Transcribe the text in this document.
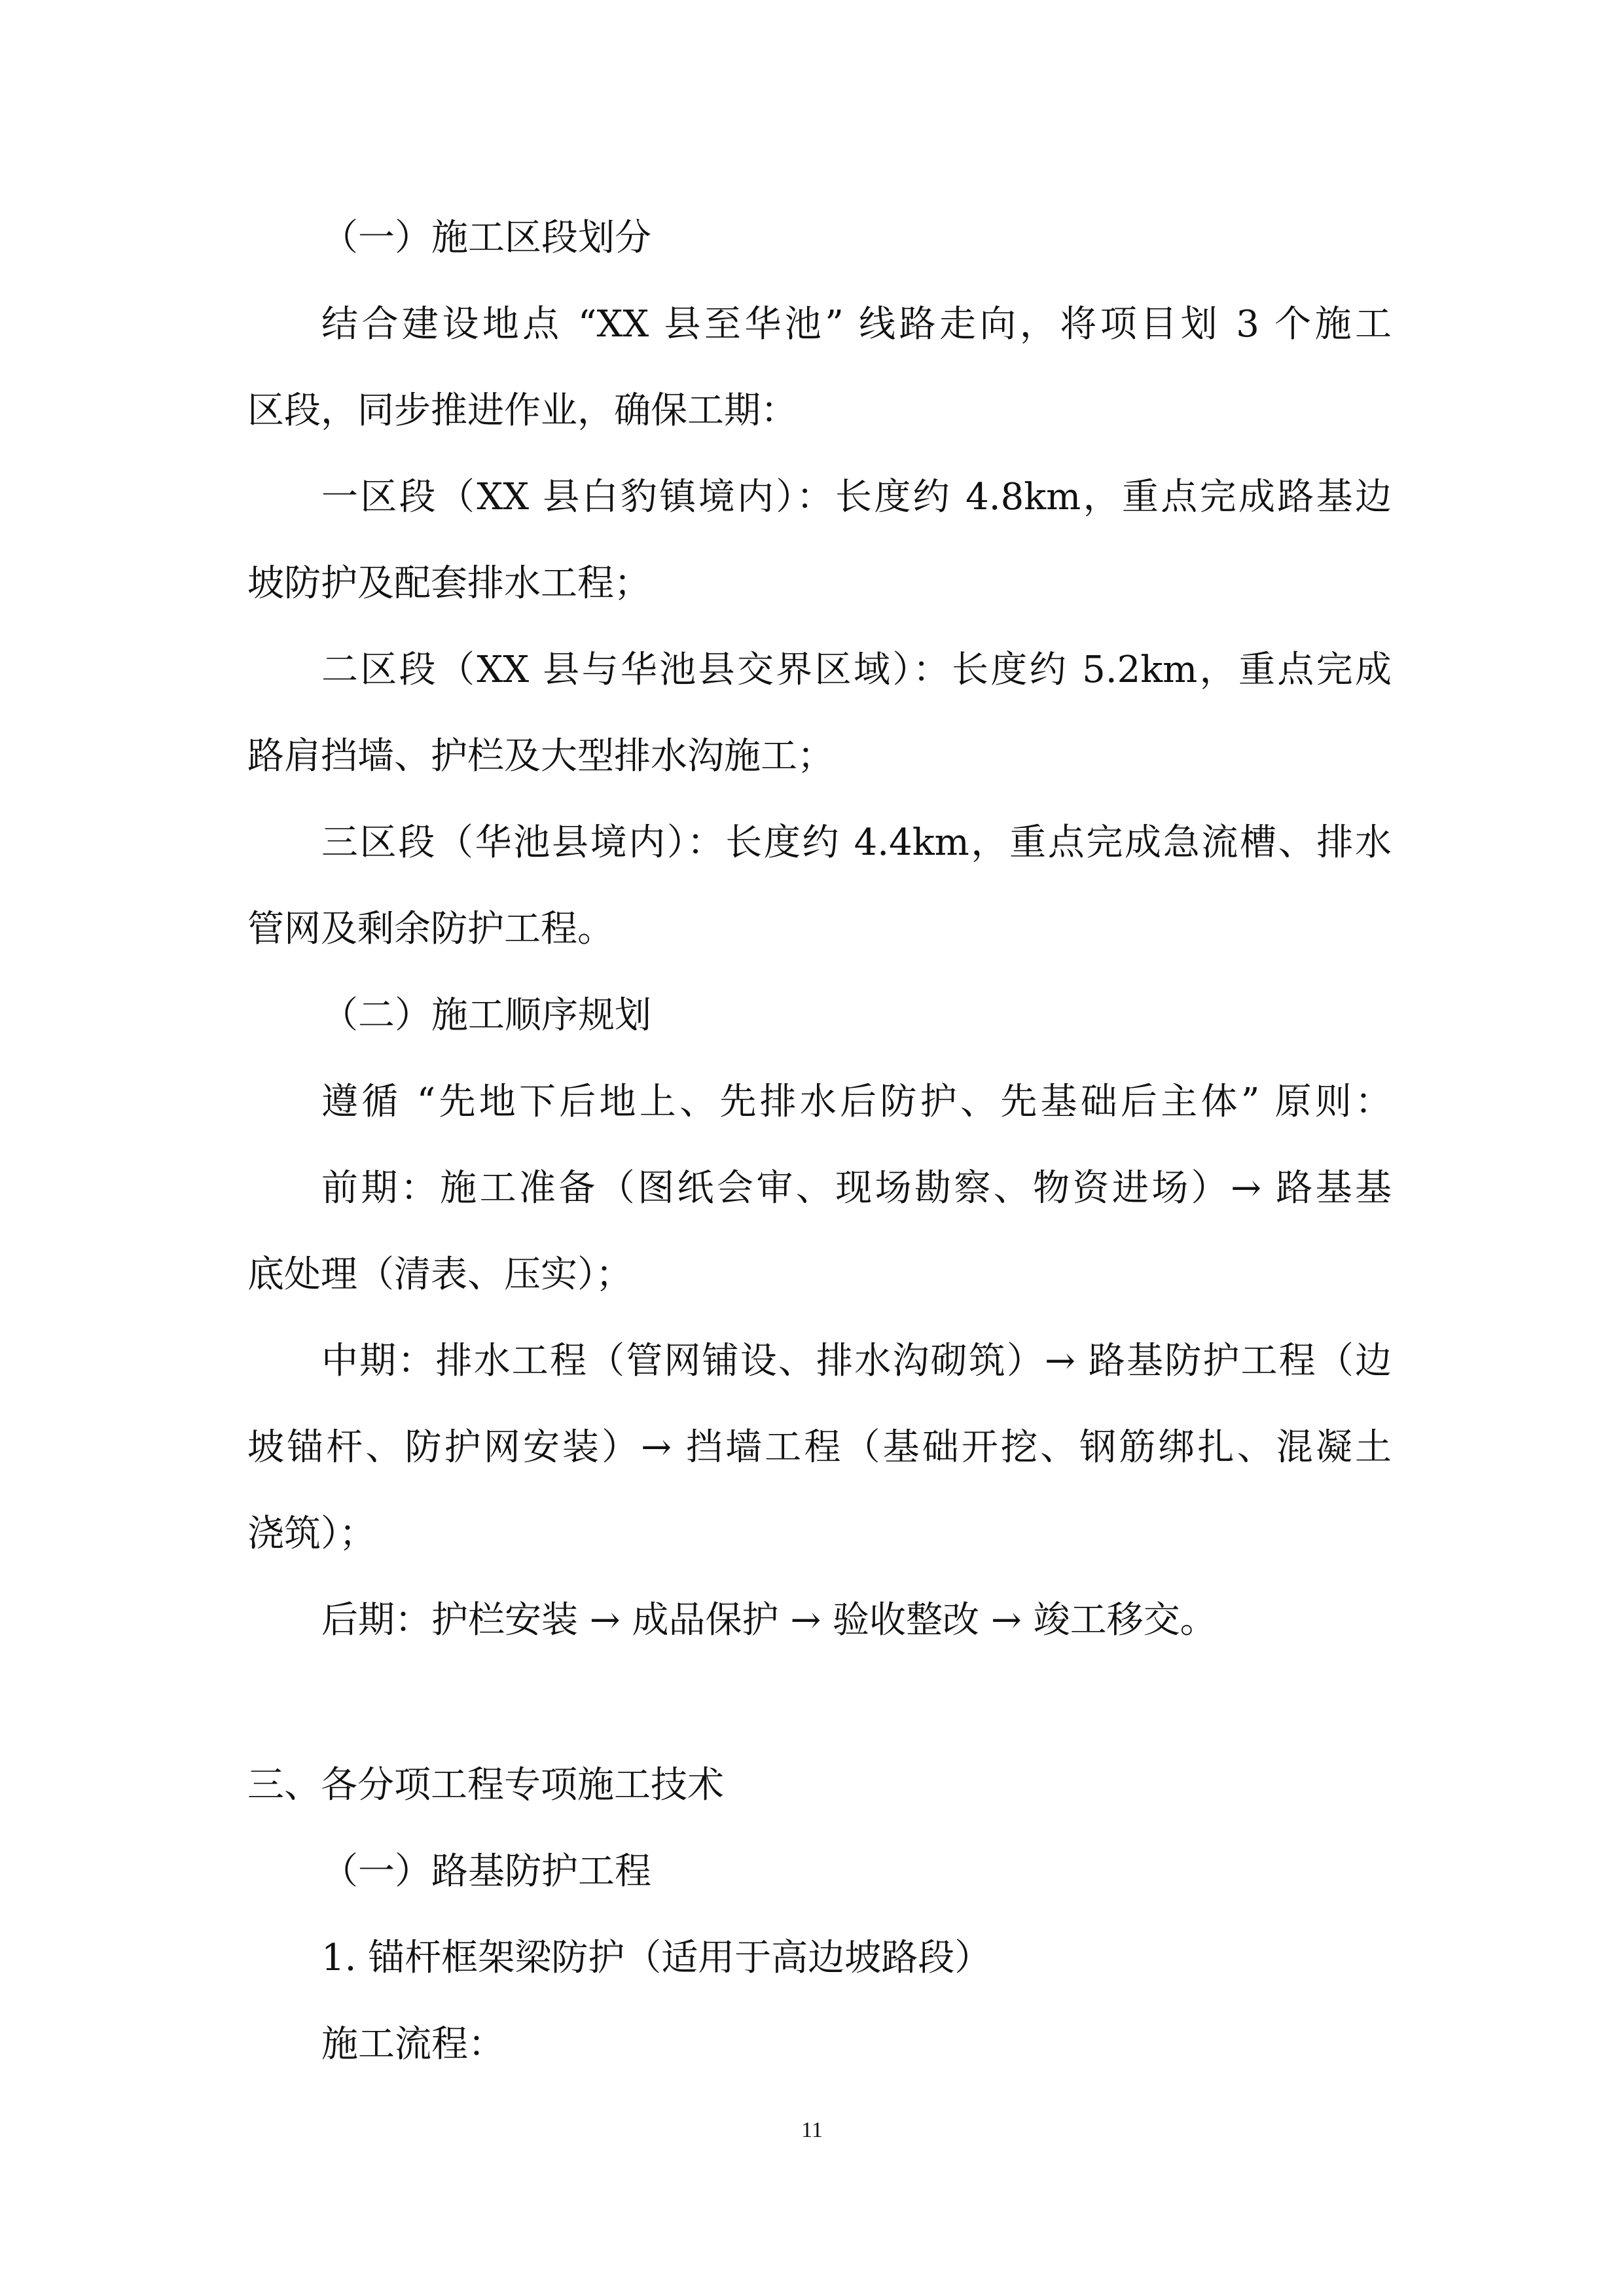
（一）施工区段划分
结合建设地点 “XX 县至华池” 线路走向，将项目划 3 个施工
区段，同步推进作业，确保工期：
一区段（XX 县白豹镇境内）：长度约 4.8km，重点完成路基边
坡防护及配套排水工程；
二区段（XX 县与华池县交界区域）：长度约 5.2km，重点完成
路肩挡墙、护栏及大型排水沟施工；
三区段（华池县境内）：长度约 4.4km，重点完成急流槽、排水
管网及剩余防护工程。
（二）施工顺序规划
遵循 “先地下后地上、先排水后防护、先基础后主体” 原则：
前期：施工准备（图纸会审、现场勘察、物资进场）→ 路基基
底处理（清表、压实）；
中期：排水工程（管网铺设、排水沟砌筑）→ 路基防护工程（边
坡锚杆、防护网安装）→ 挡墙工程（基础开挖、钢筋绑扎、混凝土
浇筑）；
后期：护栏安装 → 成品保护 → 验收整改 → 竣工移交。
三、各分项工程专项施工技术
（一）路基防护工程
1. 锚杆框架梁防护（适用于高边坡路段）
施工流程：
11
